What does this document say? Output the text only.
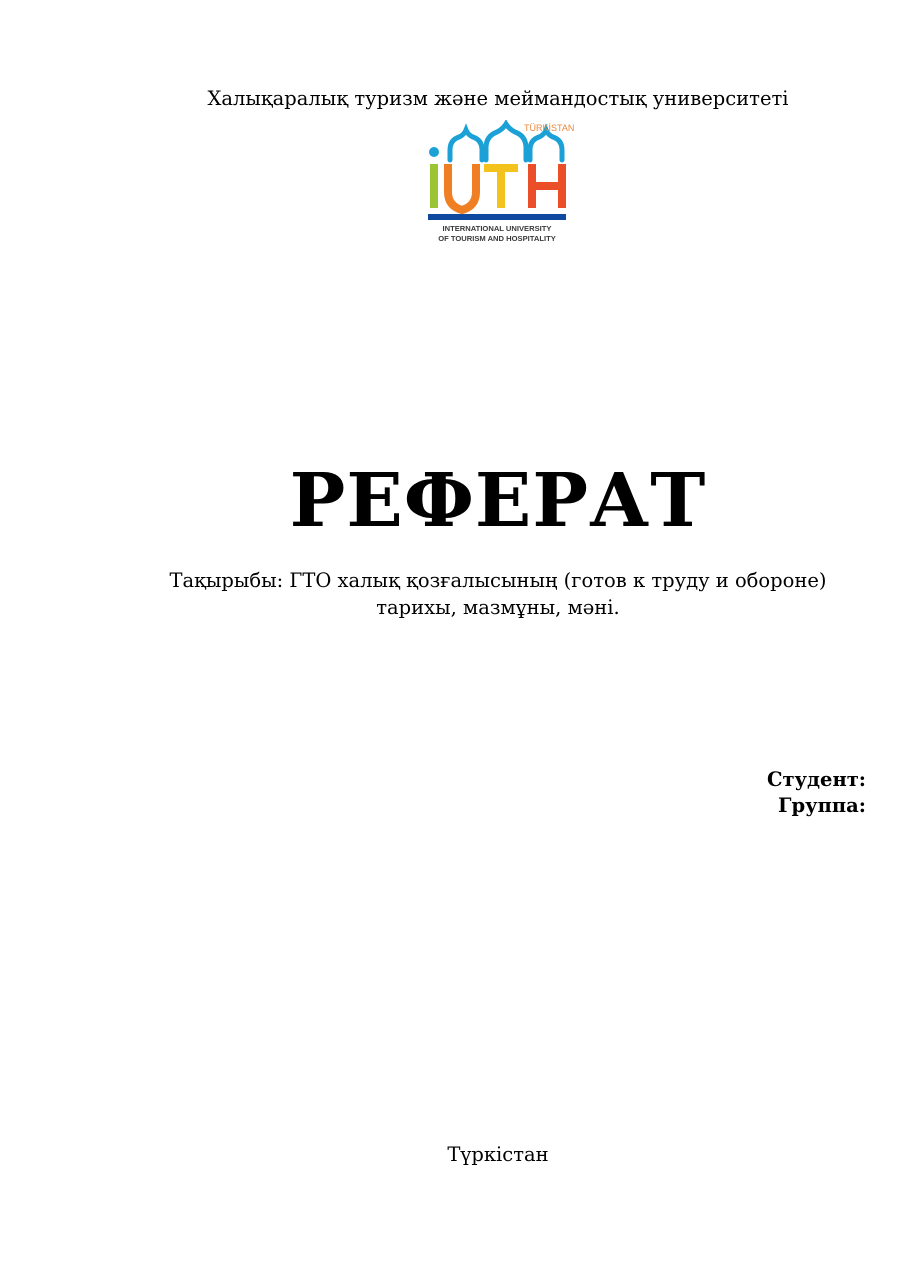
Халықаралық туризм және меймандостық университеті
TÜRKİSTAN
INTERNATIONAL UNIVERSITY
OF TOURISM AND HOSPITALITY
РЕФЕРАТ
Тақырыбы: ГТО халық қозғалысының (готов к труду и обороне)
тарихы, мазмұны, мәні.
Студент:
Группа:
Түркістан
